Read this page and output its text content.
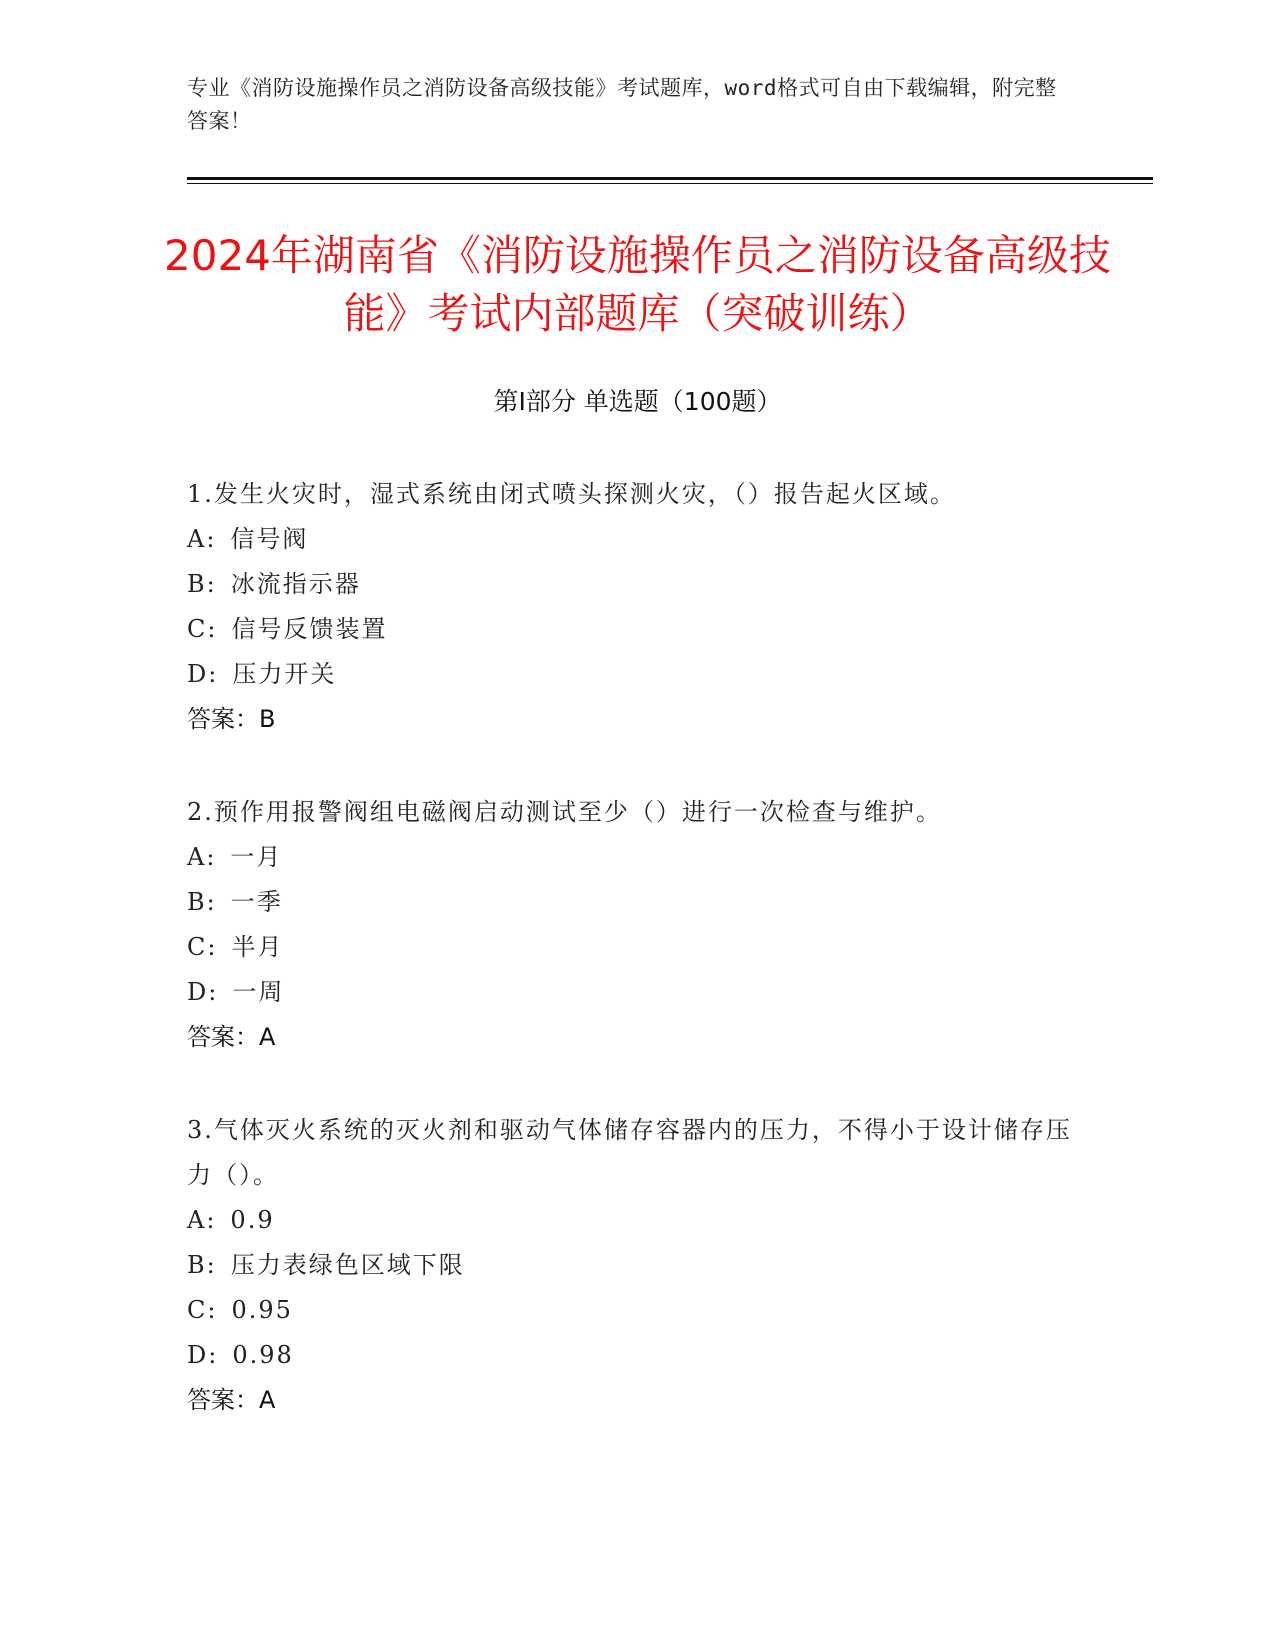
专业《消防设施操作员之消防设备高级技能》考试题库，word格式可自由下载编辑，附完整答案！
2024年湖南省《消防设施操作员之消防设备高级技能》考试内部题库（突破训练）
第I部分 单选题（100题）
1.发生火灾时，湿式系统由闭式喷头探测火灾，（）报告起火区域。
A: 信号阀
B: 冰流指示器
C: 信号反馈装置
D: 压力开关
答案：B
2.预作用报警阀组电磁阀启动测试至少（）进行一次检查与维护。
A: 一月
B: 一季
C: 半月
D: 一周
答案：A
3.气体灭火系统的灭火剂和驱动气体储存容器内的压力，不得小于设计储存压力（）。
A: 0.9
B: 压力表绿色区域下限
C: 0.95
D: 0.98
答案：A
